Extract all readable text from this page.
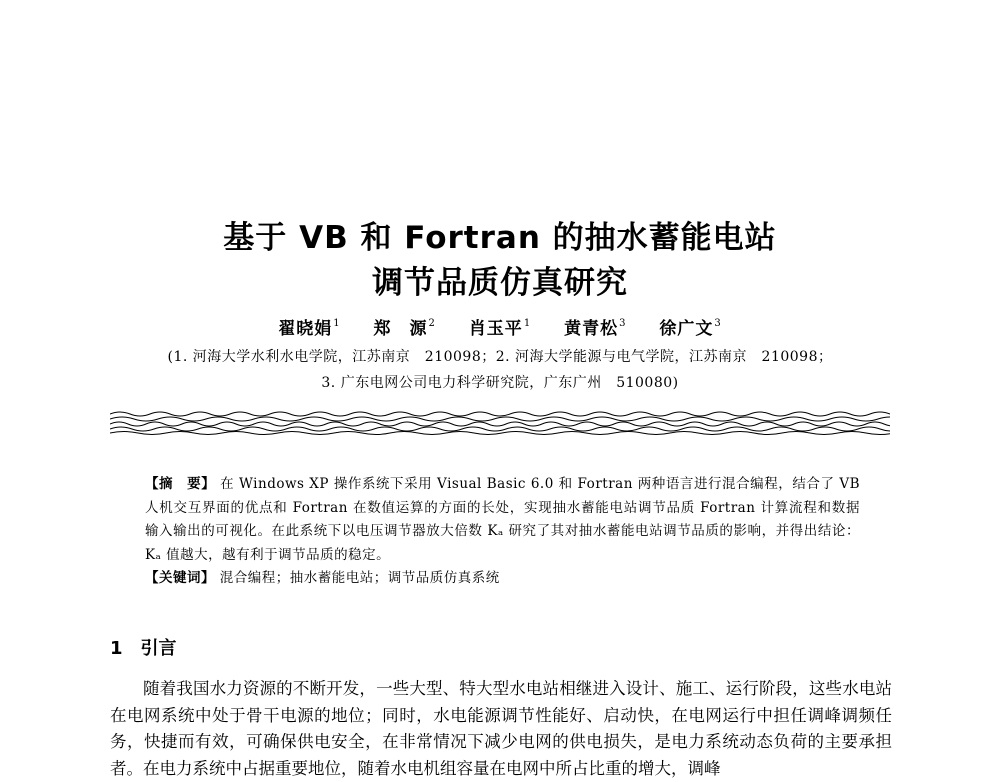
基于 VB 和 Fortran 的抽水蓄能电站
调节品质仿真研究
翟晓娟$^1$ 郑　源$^2$ 肖玉平$^1$ 黄青松$^3$ 徐广文$^3$
(1. 河海大学水利水电学院，江苏南京　210098；2. 河海大学能源与电气学院，江苏南京　210098；
3. 广东电网公司电力科学研究院，广东广州　510080)

【摘　要】 在 Windows XP 操作系统下采用 Visual Basic 6.0 和 Fortran 两种语言进行混合编程，结合了 VB 人机交互界面的优点和 Fortran 在数值运算的方面的长处，实现抽水蓄能电站调节品质 Fortran 计算流程和数据输入输出的可视化。在此系统下以电压调节器放大倍数 Kₐ 研究了其对抽水蓄能电站调节品质的影响，并得出结论：Kₐ 值越大，越有利于调节品质的稳定。

【关键词】 混合编程；抽水蓄能电站；调节品质仿真系统

1 引言

随着我国水力资源的不断开发，一些大型、特大型水电站相继进入设计、施工、运行阶段，这些水电站在电网系统中处于骨干电源的地位；同时，水电能源调节性能好、启动快，在电网运行中担任调峰调频任务，快捷而有效，可确保供电安全，在非常情况下减少电网的供电损失，是电力系统动态负荷的主要承担者。在电力系统中占据重要地位，随着水电机组容量在电网中所占比重的增大，调峰
